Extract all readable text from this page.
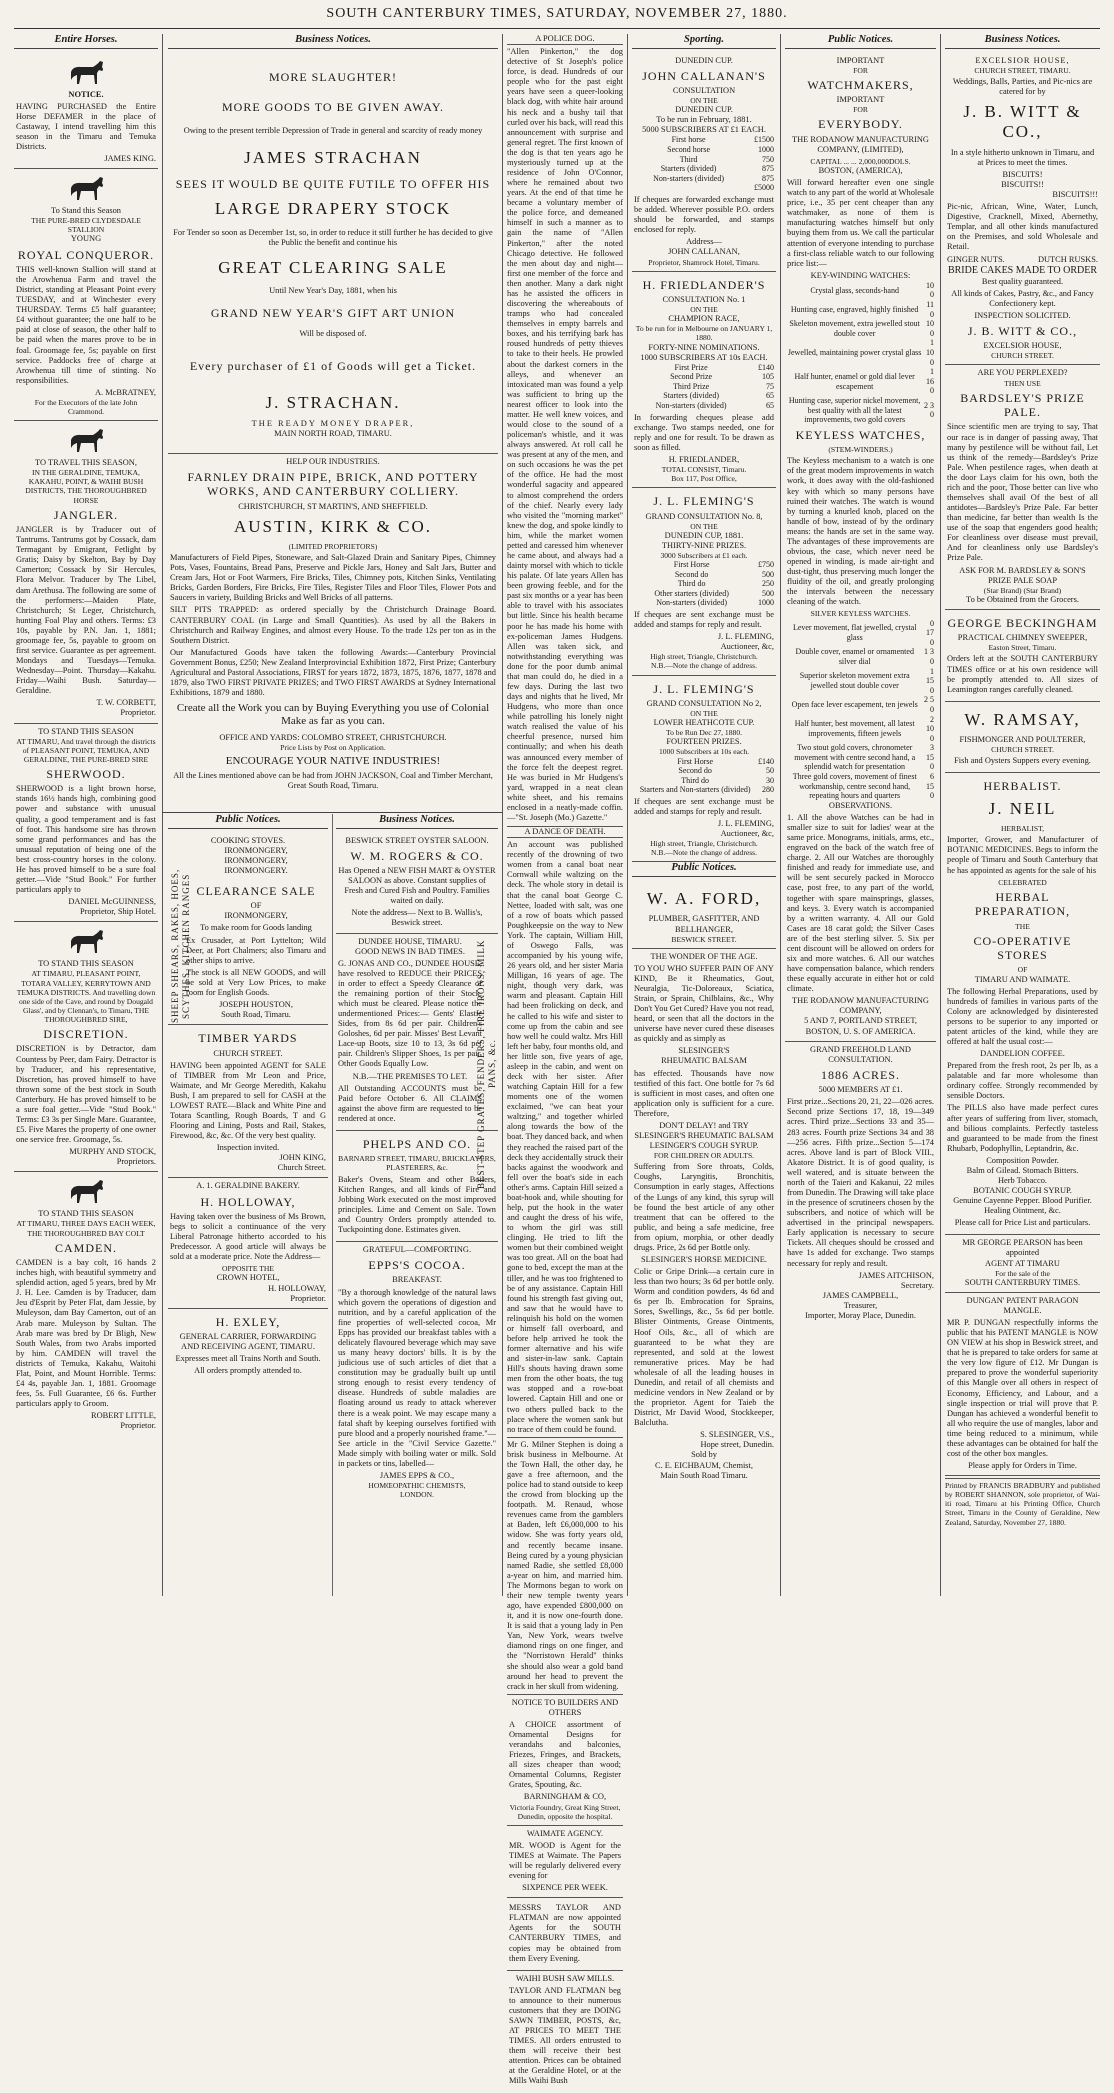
SOUTH CANTERBURY TIMES, SATURDAY, NOVEMBER 27, 1880.
Entire Horses.
NOTICE.
HAVING PURCHASED the Entire Horse DEFAMER in the place of Castaway, I intend travelling him this season in the Timaru and Temuka Districts.
JAMES KING.
To Stand this Season
THE PURE-BRED CLYDESDALE STALLION
YOUNG
ROYAL CONQUEROR.
THIS well-known Stallion will stand at the Arowhenua Farm and travel the District, standing at Pleasant Point every TUESDAY, and at Winchester every THURSDAY. Terms £5 half guarantee; £4 without guarantee; the one half to be paid at close of season, the other half to be paid when the mares prove to be in foal. Groomage fee, 5s; payable on first service. Paddocks free of charge at Arowhenua till time of stinting. No responsibilities.
A. McBRATNEY,
For the Executors of the late John Crammond.
TO TRAVEL THIS SEASON,
IN THE GERALDINE, TEMUKA, KAKAHU, POINT, & WAIHI BUSH DISTRICTS, THE THOROUGHBRED HORSE
JANGLER.
JANGLER is by Traducer out of Tantrums. Tantrums got by Cossack, dam Termagant by Emigrant, Fetlight by Gratis; Daisy by Skelton, Bay by Day Camerton; Cossack by Sir Hercules, Flora Melvor. Traducer by The Libel, dam Arethusa. The following are some of the performers:—Maiden Plate, Christchurch; St Leger, Christchurch, hunting Foal Play and others. Terms: £3 10s, payable by P.N. Jan. 1, 1881; groomage fee, 5s, payable to groom on first service. Guarantee as per agreement. Mondays and Tuesdays—Temuka. Wednesday—Point. Thursday—Kakahu. Friday—Waihi Bush. Saturday—Geraldine.
T. W. CORBETT,
Proprietor.
TO STAND THIS SEASON
AT TIMARU, And travel through the districts of PLEASANT POINT, TEMUKA, AND GERALDINE, THE PURE-BRED SIRE
SHERWOOD.
SHERWOOD is a light brown horse, stands 16½ hands high, combining good power and substance with unusual quality, a good temperament and is fast of foot. This handsome sire has thrown some grand performances and has the unusual reputation of being one of the best cross-country horses in the colony. He has proved himself to be a sure foal getter.—Vide "Stud Book." For further particulars apply to
DANIEL McGUINNESS,
Proprietor, Ship Hotel.
TO STAND THIS SEASON
AT TIMARU, PLEASANT POINT, TOTARA VALLEY, KERRYTOWN AND TEMUKA DISTRICTS. And travelling down one side of the Cave, and round by Dougald Glass', and by Clennan's, to Timaru, THE THOROUGHBRED SIRE,
DISCRETION.
DISCRETION is by Detractor, dam Countess by Peer, dam Fairy. Detractor is by Traducer, and his representative, Discretion, has proved himself to have thrown some of the best stock in South Canterbury. He has proved himself to be a sure foal getter.—Vide "Stud Book." Terms: £3 3s per Single Mare. Guarantee, £5. Five Mares the property of one owner one service free. Groomage, 5s.
MURPHY AND STOCK,
Proprietors.
TO STAND THIS SEASON
AT TIMARU, THREE DAYS EACH WEEK, THE THOROUGHBRED BAY COLT
CAMDEN.
CAMDEN is a bay colt, 16 hands 2 inches high, with beautiful symmetry and splendid action, aged 5 years, bred by Mr J. H. Lee. Camden is by Traducer, dam Jeu d'Esprit by Peter Flat, dam Jessie, by Muleyson, dam Bay Camerton, out of an Arab mare. Muleyson by Sultan. The Arab mare was bred by Dr Bligh, New South Wales, from two Arabs imported by him. CAMDEN will travel the districts of Temuka, Kakahu, Waitohi Flat, Point, and Mount Horrible. Terms: £4 4s, payable Jan. 1, 1881. Groomage fees, 5s. Full Guarantee, £6 6s. Further particulars apply to Groom.
ROBERT LITTLE,
Proprietor.
Business Notices.
MORE SLAUGHTER!
MORE GOODS TO BE GIVEN AWAY.
Owing to the present terrible Depression of Trade in general and scarcity of ready money
JAMES STRACHAN
SEES IT WOULD BE QUITE FUTILE TO OFFER HIS
LARGE DRAPERY STOCK
For Tender so soon as December 1st, so, in order to reduce it still further he has decided to give the Public the benefit and continue his
GREAT CLEARING SALE
Until New Year's Day, 1881, when his
GRAND NEW YEAR'S GIFT ART UNION
Will be disposed of.
Every purchaser of £1 of Goods will get a Ticket.
J. STRACHAN.
THE READY MONEY DRAPER,
MAIN NORTH ROAD, TIMARU.
HELP OUR INDUSTRIES.
FARNLEY DRAIN PIPE, BRICK, AND POTTERY WORKS, AND CANTERBURY COLLIERY.
CHRISTCHURCH, ST MARTIN'S, AND SHEFFIELD.
AUSTIN, KIRK & CO.
(LIMITED PROPRIETORS)
Manufacturers of Field Pipes, Stoneware, and Salt-Glazed Drain and Sanitary Pipes, Chimney Pots, Vases, Fountains, Bread Pans, Preserve and Pickle Jars, Honey and Salt Jars, Butter and Cream Jars, Hot or Foot Warmers, Fire Bricks, Tiles, Chimney pots, Kitchen Sinks, Ventilating Bricks, Garden Borders, Fire Bricks, Fire Tiles, Register Tiles and Floor Tiles, Flower Pots and Saucers in variety, Building Bricks and Well Bricks of all patterns.
SILT PITS TRAPPED: as ordered specially by the Christchurch Drainage Board. CANTERBURY COAL (in Large and Small Quantities). As used by all the Bakers in Christchurch and Railway Engines, and almost every House. To the trade 12s per ton as in the Southern District.
Our Manufactured Goods have taken the following Awards:—Canterbury Provincial Government Bonus, £250; New Zealand Interprovincial Exhibition 1872, First Prize; Canterbury Agricultural and Pastoral Associations, FIRST for years 1872, 1873, 1875, 1876, 1877, 1878 and 1879, also TWO FIRST PRIVATE PRIZES; and TWO FIRST AWARDS at Sydney International Exhibitions, 1879 and 1880.
Create all the Work you can by Buying Everything you use of Colonial Make as far as you can.
OFFICE AND YARDS: COLOMBO STREET, CHRISTCHURCH.
Price Lists by Post on Application.
ENCOURAGE YOUR NATIVE INDUSTRIES!
All the Lines mentioned above can be had from JOHN JACKSON, Coal and Timber Merchant, Great South Road, Timaru.
Public Notices.
COOKING STOVES.
SHEEP SHEARS, RAKES, HOES, SCYTHES, KITCHEN RANGES
IRONMONGERY,
IRONMONGERY,
IRONMONGERY.
CLEARANCE SALE
OF
IRONMONGERY,
To make room for Goods landing
Ex Crusader, at Port Lyttelton; Wild Deer, at Port Chalmers; also Timaru and other ships to arrive.
The stock is all NEW GOODS, and will be sold at Very Low Prices, to make room for English Goods.
JOSEPH HOUSTON,
South Road, Timaru.
TIMBER YARDS
CHURCH STREET.
HAVING been appointed AGENT for SALE of TIMBER from Mr Leon and Price, Waimate, and Mr George Meredith, Kakahu Bush, I am prepared to sell for CASH at the LOWEST RATE—Black and White Pine and Totara Scantling, Rough Boards, T and G Flooring and Lining, Posts and Rail, Stakes, Firewood, &c, &c. Of the very best quality.
Inspection invited.
JOHN KING,
Church Street.
A. 1. GERALDINE BAKERY.
H. HOLLOWAY,
Having taken over the business of Ms Brown, begs to solicit a continuance of the very Liberal Patronage hitherto accorded to his Predecessor. A good article will always be sold at a moderate price. Note the Address—
OPPOSITE THE
CROWN HOTEL,
H. HOLLOWAY,
Proprietor.
H. EXLEY,
GENERAL CARRIER, FORWARDING AND RECEIVING AGENT, TIMARU.
Expresses meet all Trains North and South.
All orders promptly attended to.
Business Notices.
BESWICK STREET OYSTER SALOON.
W. M. ROGERS & CO.
Has Opened a NEW FISH MART & OYSTER SALOON as above. Constant supplies of Fresh and Cured Fish and Poultry. Families waited on daily.
Note the address— Next to B. Wallis's, Beswick street.
BEST-STEP GRATES, FENDERS, FIRE IRONS, MILK PANS, &c.
DUNDEE HOUSE, TIMARU.
GOOD NEWS IN BAD TIMES.
G. JONAS AND CO., DUNDEE HOUSE, have resolved to REDUCE their PRICES in order to effect a Speedy Clearance of the remaining portion of their Stock, which must be cleared. Please notice the undermentioned Prices:— Gents' Elastic Sides, from 8s 6d per pair. Children's Goloshes, 6d per pair. Misses' Best Levant Lace-up Boots, size 10 to 13, 3s 6d per pair. Children's Slipper Shoes, 1s per pair. Other Goods Equally Low.
N.B.—THE PREMISES TO LET.
All Outstanding ACCOUNTS must be Paid before October 6. All CLAIMS against the above firm are requested to be rendered at once.
PHELPS AND CO.
BARNARD STREET, TIMARU, BRICKLAYERS, PLASTERERS, &c.
Baker's Ovens, Steam and other Boilers, Kitchen Ranges, and all kinds of Fire and Jobbing Work executed on the most improved principles. Lime and Cement on Sale. Town and Country Orders promptly attended to. Tuckpointing done. Estimates given.
GRATEFUL—COMFORTING.
EPPS'S COCOA.
BREAKFAST.
"By a thorough knowledge of the natural laws which govern the operations of digestion and nutrition, and by a careful application of the fine properties of well-selected cocoa, Mr Epps has provided our breakfast tables with a delicately flavoured beverage which may save us many heavy doctors' bills. It is by the judicious use of such articles of diet that a constitution may be gradually built up until strong enough to resist every tendency of disease. Hundreds of subtle maladies are floating around us ready to attack wherever there is a weak point. We may escape many a fatal shaft by keeping ourselves fortified with pure blood and a properly nourished frame."—See article in the "Civil Service Gazette." Made simply with boiling water or milk. Sold in packets or tins, labelled—
JAMES EPPS & CO.,
HOMŒOPATHIC CHEMISTS,
LONDON.
A POLICE DOG.
"Allen Pinkerton," the dog detective of St Joseph's police force, is dead. Hundreds of our people who for the past eight years have seen a queer-looking black dog, with white hair around his neck and a bushy tail that curled over his back, will read this announcement with surprise and general regret. The first known of the dog is that ten years ago he mysteriously turned up at the residence of John O'Connor, where he remained about two years. At the end of that time he became a voluntary member of the police force, and demeaned himself in such a manner as to gain the name of "Allen Pinkerton," after the noted Chicago detective. He followed the men about day and night—first one member of the force and then another. Many a dark night has he assisted the officers in discovering the whereabouts of tramps who had concealed themselves in empty barrels and boxes, and his terrifying bark has roused hundreds of petty thieves to take to their heels. He prowled about the darkest corners in the alleys, and whenever an intoxicated man was found a yelp was sufficient to bring up the nearest officer to look into the matter. He well knew voices, and would close to the sound of a policeman's whistle, and it was always answered. At roll call he was present at any of the men, and on such occasions he was the pet of the office. He had the most wonderful sagacity and appeared to almost comprehend the orders of the chief. Nearly every lady who visited the "morning market" knew the dog, and spoke kindly to him, while the market women petted and caressed him whenever he came about, and always had a dainty morsel with which to tickle his palate. Of late years Allen has been growing feeble, and for the past six months or a year has been able to travel with his associates but little. Since his health became poor he has made his home with ex-policeman James Hudgens. Allen was taken sick, and notwithstanding everything was done for the poor dumb animal that man could do, he died in a few days. During the last two days and nights that he lived, Mr Hudgens, who more than once while patrolling his lonely night watch realised the value of his cheerful presence, nursed him continually; and when his death was announced every member of the force felt the deepest regret. He was buried in Mr Hudgens's yard, wrapped in a neat clean white sheet, and his remains enclosed in a neatly-made coffin.—"St. Joseph (Mo.) Gazette."
A DANCE OF DEATH.
An account was published recently of the drowning of two women from a canal boat near Cornwall while waltzing on the deck. The whole story in detail is that the canal boat George C. Nettee, loaded with salt, was one of a row of boats which passed Poughkeepsie on the way to New York. The captain, William Hill, of Oswego Falls, was accompanied by his young wife, 26 years old, and her sister Maria Milligan, 16 years of age. The night, though very dark, was warm and pleasant. Captain Hill had been frolicking on deck, and he called to his wife and sister to come up from the cabin and see how well he could waltz. Mrs Hill left her baby, four months old, and her little son, five years of age, asleep in the cabin, and went on deck with her sister. After watching Captain Hill for a few moments one of the women exclaimed, "we can beat your waltzing," and together whirled along towards the bow of the boat. They danced back, and when they reached the raised part of the deck they accidentally struck their backs against the woodwork and fell over the boat's side in each other's arms. Captain Hill seized a boat-hook and, while shouting for help, put the hook in the water and caught the dress of his wife, to whom the girl was still clinging. He tried to lift the women but their combined weight was too great. All on the boat had gone to bed, except the man at the tiller, and he was too frightened to be of any assistance. Captain Hill found his strength fast giving out, and saw that he would have to relinquish his hold on the women or himself fall overboard, and before help arrived he took the former alternative and his wife and sister-in-law sank. Captain Hill's shouts having drawn some men from the other boats, the tug was stopped and a row-boat lowered. Captain Hill and one or two others pulled back to the place where the women sank but no trace of them could be found.
Mr G. Milner Stephen is doing a brisk business in Melbourne. At the Town Hall, the other day, he gave a free afternoon, and the police had to stand outside to keep the crowd from blocking up the footpath. M. Renaud, whose revenues came from the gamblers at Baden, left £6,000,000 to his widow. She was forty years old, and recently became insane. Being cured by a young physician named Radie, she settled £8,000 a-year on him, and married him. The Mormons began to work on their new temple twenty years ago, have expended £800,000 on it, and it is now one-fourth done. It is said that a young lady in Pen Yan, New York, wears twelve diamond rings on one finger, and the "Norristown Herald" thinks she should also wear a gold band around her head to prevent the crack in her skull from widening.
NOTICE TO BUILDERS AND OTHERS
A CHOICE assortment of Ornamental Designs for verandahs and balconies, Friezes, Fringes, and Brackets, all sizes cheaper than wood; Ornamental Columns, Register Grates, Spouting, &c.
BARNINGHAM & CO,
Victoria Foundry, Great King Street, Dunedin, opposite the hospital.
WAIMATE AGENCY.
MR. WOOD is Agent for the TIMES at Waimate. The Papers will be regularly delivered every evening for
SIXPENCE PER WEEK.
MESSRS TAYLOR AND FLATMAN are now appointed Agents for the SOUTH CANTERBURY TIMES, and copies may be obtained from them Every Evening.
WAIHI BUSH SAW MILLS.
TAYLOR AND FLATMAN beg to announce to their numerous customers that they are DOING SAWN TIMBER, POSTS, &c, AT PRICES TO MEET THE TIMES. All orders entrusted to them will receive their best attention. Prices can be obtained at the Geraldine Hotel, or at the Mills Waihi Bush
Sporting.
DUNEDIN CUP.
JOHN CALLANAN'S
CONSULTATION
ON THE
DUNEDIN CUP.
To be run in February, 1881.
5000 SUBSCRIBERS AT £1 EACH.
First horse	£1500
Second horse	1000
Third	750
Starters (divided)	875
Non-starters (divided)	875
	£5000
If cheques are forwarded exchange must be added. Wherever possible P.O. orders should be forwarded, and stamps enclosed for reply.
Address—
JOHN CALLANAN,
Proprietor, Shamrock Hotel, Timaru.
H. FRIEDLANDER'S
CONSULTATION No. 1
ON THE
CHAMPION RACE,
To be run for in Melbourne on JANUARY 1, 1880.
FORTY-NINE NOMINATIONS.
1000 SUBSCRIBERS AT 10s EACH.
First Prize	£140
Second Prize	105
Third Prize	75
Starters (divided)	65
Non-starters (divided)	65
In forwarding cheques please add exchange. Two stamps needed, one for reply and one for result. To be drawn as soon as filled.
H. FRIEDLANDER,
TOTAL CONSIST, Timaru.
Box 117, Post Office,
J. L. FLEMING'S
GRAND CONSULTATION No. 8,
ON THE
DUNEDIN CUP, 1881.
THIRTY-NINE PRIZES.
3000 Subscribers at £1 each.
First Horse	£750
Second do	500
Third do	250
Other starters (divided)	500
Non-starters (divided)	1000
If cheques are sent exchange must be added and stamps for reply and result.
J. L. FLEMING,
Auctioneer, &c,
High street, Triangle, Christchurch.
N.B.—Note the change of address.
J. L. FLEMING'S
GRAND CONSULTATION No 2,
ON THE
LOWER HEATHCOTE CUP.
To be Run Dec 27, 1880.
FOURTEEN PRIZES.
1000 Subscribers at 10s each.
First Horse	£140
Second do	50
Third do	30
Starters and Non-starters (divided)	280
If cheques are sent exchange must be added and stamps for reply and result.
J. L. FLEMING,
Auctioneer, &c,
High street, Triangle, Christchurch.
N.B.—Note the change of address.
Public Notices.
W. A. FORD,
PLUMBER, GASFITTER, AND BELLHANGER,
BESWICK STREET.
THE WONDER OF THE AGE.
TO YOU WHO SUFFER PAIN OF ANY KIND, Be it Rheumatics, Gout, Neuralgia, Tic-Doloreaux, Sciatica, Strain, or Sprain, Chilblains, &c., Why Don't You Get Cured? Have you not read, heard, or seen that all the doctors in the universe have never cured these diseases as quickly and as simply as
SLESINGER'S
RHEUMATIC BALSAM
has effected. Thousands have now testified of this fact. One bottle for 7s 6d is sufficient in most cases, and often one application only is sufficient for a cure. Therefore,
DON'T DELAY! and TRY
SLESINGER'S RHEUMATIC BALSAM
LESINGER'S COUGH SYRUP.
FOR CHILDREN OR ADULTS.
Suffering from Sore throats, Colds, Coughs, Laryngitis, Bronchitis, Consumption in early stages, Affections of the Lungs of any kind, this syrup will be found the best article of any other treatment that can be offered to the public, and being a safe medicine, free from opium, morphia, or other deadly drugs. Price, 2s 6d per Bottle only.
SLESINGER'S HORSE MEDICINE.
Colic or Gripe Drink—a certain cure in less than two hours; 3s 6d per bottle only. Worm and condition powders, 4s 6d and 6s per lb. Embrocation for Sprains, Sores, Swellings, &c., 5s 6d per bottle. Blister Ointments, Grease Ointments, Hoof Oils, &c., all of which are guaranteed to be what they are represented, and sold at the lowest remunerative prices. May be had wholesale of all the leading houses in Dunedin, and retail of all chemists and medicine vendors in New Zealand or by the proprietor. Agent for Taieb the District, Mr David Wood, Stockkeeper, Balclutha.
S. SLESINGER, V.S.,
Hope street, Dunedin.
Sold by
C. E. EICHBAUM, Chemist,
Main South Road Timaru.
Public Notices.
IMPORTANT
FOR
WATCHMAKERS,
IMPORTANT
FOR
EVERYBODY.
THE RODANOW MANUFACTURING COMPANY, (LIMITED),
CAPITAL ... ... 2,000,000DOLS.
BOSTON, (AMERICA),
Will forward hereafter even one single watch to any part of the world at Wholesale price, i.e., 35 per cent cheaper than any watchmaker, as none of them is manufacturing watches himself but only buying them from us. We call the particular attention of everyone intending to purchase a first-class reliable watch to our following price list:—
KEY-WINDING WATCHES:
Crystal glass, seconds-hand	10 0
Hunting case, engraved, highly finished	11 0
Skeleton movement, extra jewelled stout double cover	10 0
Jewelled, maintaining power crystal glass	1 10 0
Half hunter, enamel or gold dial lever escapement	1 16 0
Hunting case, superior nickel movement, best quality with all the latest improvements, two gold covers	2 3 0
KEYLESS WATCHES,
(STEM-WINDERS.)
The Keyless mechanism to a watch is one of the great modern improvements in watch work, it does away with the old-fashioned key with which so many persons have ruined their watches. The watch is wound by turning a knurled knob, placed on the handle of bow, instead of by the ordinary means: the hands are set in the same way. The advantages of these improvements are obvious, the case, which never need be opened in winding, is made air-tight and dust-tight, thus preserving much longer the fluidity of the oil, and greatly prolonging the intervals between the necessary cleaning of the watch.
SILVER KEYLESS WATCHES.
Lever movement, flat jewelled, crystal glass	0 17 0
Double cover, enamel or ornamented silver dial	1 3 0
Superior skeleton movement extra jewelled stout double cover	1 15 0
Open face lever escapement, ten jewels	2 5 0
Half hunter, best movement, all latest improvements, fifteen jewels	2 10 0
Two stout gold covers, chronometer movement with centre second hand, a splendid watch for presentation	3 15 0
Three gold covers, movement of finest workmanship, centre second hand, repeating hours and quarters	6 15 0
OBSERVATIONS.
1. All the above Watches can be had in smaller size to suit for ladies' wear at the same price. Monograms, initials, arms, etc., engraved on the back of the watch free of charge. 2. All our Watches are thoroughly finished and ready for immediate use, and will be sent securely packed in Morocco case, post free, to any part of the world, together with spare mainsprings, glasses, and keys. 3. Every watch is accompanied by a written warranty. 4. All our Gold Cases are 18 carat gold; the Silver Cases are of the best sterling silver. 5. Six per cent discount will be allowed on orders for six and more watches. 6. All our watches have compensation balance, which renders these equally accurate in either hot or cold climate.
THE RODANOW MANUFACTURING COMPANY,
5 AND 7, PORTLAND STREET, BOSTON, U. S. OF AMERICA.
GRAND FREEHOLD LAND CONSULTATION.
1886 ACRES.
5000 MEMBERS AT £1.
First prize...Sections 20, 21, 22—026 acres. Second prize Sections 17, 18, 19—349 acres. Third prize...Sections 33 and 35—283 acres. Fourth prize Sections 34 and 38—256 acres. Fifth prize...Section 5—174 acres. Above land is part of Block VIII., Akatore District. It is of good quality, is well watered, and is situate between the north of the Taieri and Kakanui, 22 miles from Dunedin. The Drawing will take place in the presence of scrutineers chosen by the subscribers, and notice of which will be advertised in the principal newspapers. Early application is necessary to secure Tickets. All cheques should be crossed and have 1s added for exchange. Two stamps necessary for reply and result.
JAMES AITCHISON,
Secretary.
JAMES CAMPBELL,
Treasurer,
Importer, Moray Place, Dunedin.
Business Notices.
EXCELSIOR HOUSE,
CHURCH STREET, TIMARU.
Weddings, Balls, Parties, and Pic-nics are catered for by
J. B. WITT & CO.,
In a style hitherto unknown in Timaru, and at Prices to meet the times.
BISCUITS!
BISCUITS!!
BISCUITS!!!
Pic-nic, African, Wine, Water, Lunch, Digestive, Cracknell, Mixed, Abernethy, Templar, and all other kinds manufactured on the Premises, and sold Wholesale and Retail.
GINGER NUTS.	DUTCH RUSKS.
BRIDE CAKES MADE TO ORDER
Best quality guaranteed.
All kinds of Cakes, Pastry, &c., and Fancy Confectionery kept.
INSPECTION SOLICITED.
J. B. WITT & CO.,
EXCELSIOR HOUSE,
CHURCH STREET.
ARE YOU PERPLEXED?
THEN USE
BARDSLEY'S PRIZE PALE.
Since scientific men are trying to say, That our race is in danger of passing away, That many by pestilence will be without fail, Let us think of the remedy—Bardsley's Prize Pale. When pestilence rages, when death at the door Lays claim for his own, both the rich and the poor, Those better can live who themselves shall avail Of the best of all antidotes—Bardsley's Prize Pale. Far better than medicine, far better than wealth Is the use of the soap that engenders good health; For cleanliness over disease must prevail, And for cleanliness only use Bardsley's Prize Pale.
ASK FOR M. BARDSLEY & SON'S PRIZE PALE SOAP
(Star Brand) (Star Brand)
To be Obtained from the Grocers.
GEORGE BECKINGHAM
PRACTICAL CHIMNEY SWEEPER,
Easton Street, Timaru.
Orders left at the SOUTH CANTERBURY TIMES office or at his own residence will be promptly attended to. All sizes of Leamington ranges carefully cleaned.
W. RAMSAY,
FISHMONGER AND POULTERER,
CHURCH STREET.
Fish and Oysters Suppers every evening.
HERBALIST.
J. NEIL
HERBALIST,
Importer, Grower, and Manufacturer of BOTANIC MEDICINES. Begs to inform the people of Timaru and South Canterbury that he has appointed as agents for the sale of his
CELEBRATED
HERBAL PREPARATION,
THE
CO-OPERATIVE STORES
OF
TIMARU AND WAIMATE.
The following Herbal Preparations, used by hundreds of families in various parts of the Colony are acknowledged by disinterested persons to be superior to any imported or patent articles of the kind, while they are offered at half the usual cost:—
DANDELION COFFEE.
Prepared from the fresh root, 2s per lb, as a palatable and far more wholesome than ordinary coffee. Strongly recommended by sensible Doctors.
The PILLS also have made perfect cures after years of suffering from liver, stomach, and bilious complaints. Perfectly tasteless and guaranteed to be made from the finest Rhubarb, Podophyllin, Leptandrin, &c.
Composition Powder.
Balm of Gilead. Stomach Bitters.
Herb Tobacco.
BOTANIC COUGH SYRUP.
Genuine Cayenne Pepper. Blood Purifier.
Healing Ointment, &c.
Please call for Price List and particulars.
MR GEORGE PEARSON has been appointed
AGENT AT TIMARU
For the sale of the
SOUTH CANTERBURY TIMES.
DUNGAN' PATENT PARAGON MANGLE.
MR P. DUNGAN respectfully informs the public that his PATENT MANGLE is NOW ON VIEW at his shop in Beswick street, and that he is prepared to take orders for same at the very low figure of £12. Mr Dungan is prepared to prove the wonderful superiority of this Mangle over all others in respect of Economy, Efficiency, and Labour, and a single inspection or trial will prove that P. Dungan has achieved a wonderful benefit to all who require the use of mangles, labor and time being reduced to a minimum, while these advantages can be obtained for half the cost of the other box mangles.
Please apply for Orders in Time.
Printed by FRANCIS BRADBURY and published by ROBERT SHANNON, sole proprietor, of Wai-iti road, Timaru at his Printing Office, Church Street, Timaru in the County of Geraldine, New Zealand, Saturday, November 27, 1880.
